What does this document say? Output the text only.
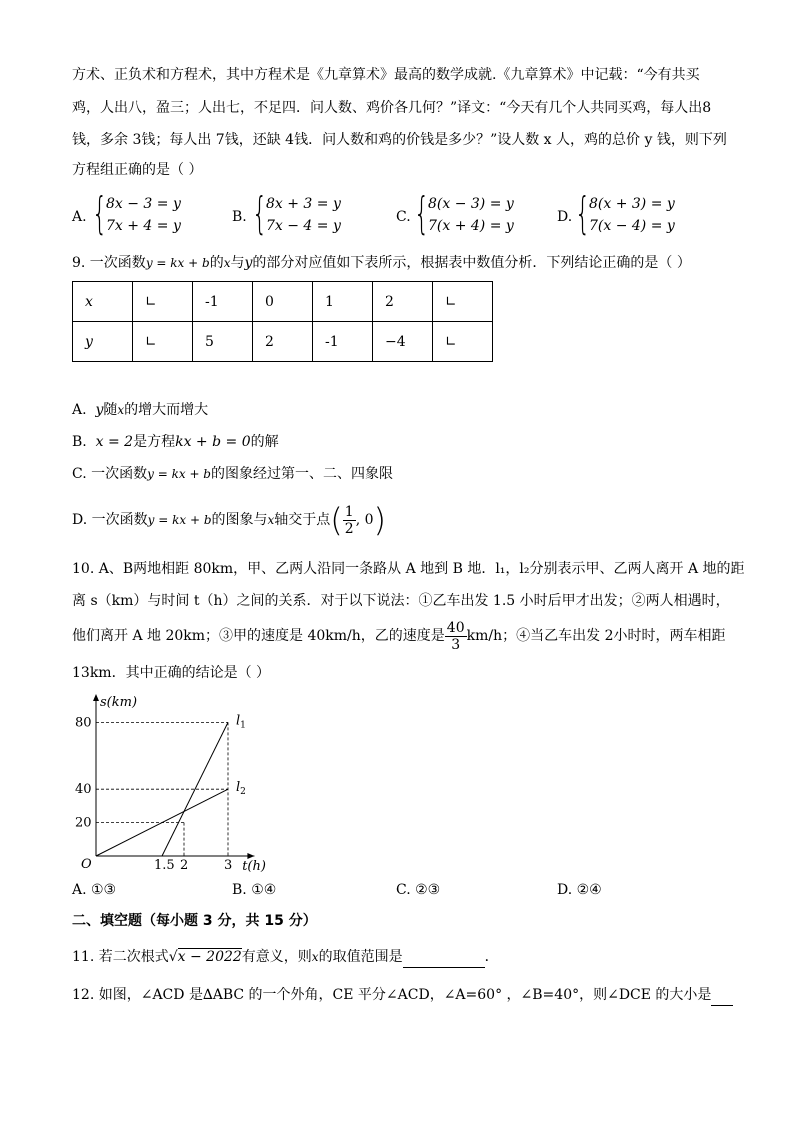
方术、正负术和方程术，其中方程术是《九章算术》最高的数学成就.《九章算术》中记载：“今有共买
鸡，人出八，盈三；人出七，不足四．问人数、鸡价各几何？”译文：“今天有几个人共同买鸡，每人出8
钱，多余 3钱；每人出 7钱，还缺 4钱．问人数和鸡的价钱是多少？”设人数 x 人，鸡的总价 y 钱，则下列
方程组正确的是（ ）
A. {
8x − 3 = y
7x + 4 = y
B. {
8x + 3 = y
7x − 4 = y
C. {
8(x − 3) = y
7(x + 4) = y
D. {
8(x + 3) = y
7(x − 4) = y
9. 一次函数y = kx + b的x与y的部分对应值如下表所示，根据表中数值分析．下列结论正确的是（ ）
x	∟	-1	0	1	2	∟
y	∟	5	2	-1	−4	∟
A. y随x的增大而增大
B. x = 2是方程kx + b = 0的解
C. 一次函数y = kx + b的图象经过第一、二、四象限
D. 一次函数y = kx + b的图象与x轴交于点( $\frac{1}{2}$ , 0)
10. A、B两地相距 80km，甲、乙两人沿同一条路从 A 地到 B 地．l₁，l₂分别表示甲、乙两人离开 A 地的距
离 s（km）与时间 t（h）之间的关系．对于以下说法：①乙车出发 1.5 小时后甲才出发；②两人相遇时，
他们离开 A 地 20km；③甲的速度是 40km/h，乙的速度是 $\frac{40}{3} km/h$；④当乙车出发 2小时时，两车相距
13km．其中正确的结论是（ ）
$l_1$
$l_2$
20
40
80
1.5 2	3
O
s(km)
t(h)
A. ①③	B. ①④	C. ②③	D. ②④
二、填空题（每小题 3 分，共 15 分）
11. 若二次根式√x − 2022有意义，则x的取值范围是	．
12. 如图，∠ACD 是∆ABC 的一个外角，CE 平分∠ACD，∠A=60° ，∠B=40°，则∠DCE 的大小是
